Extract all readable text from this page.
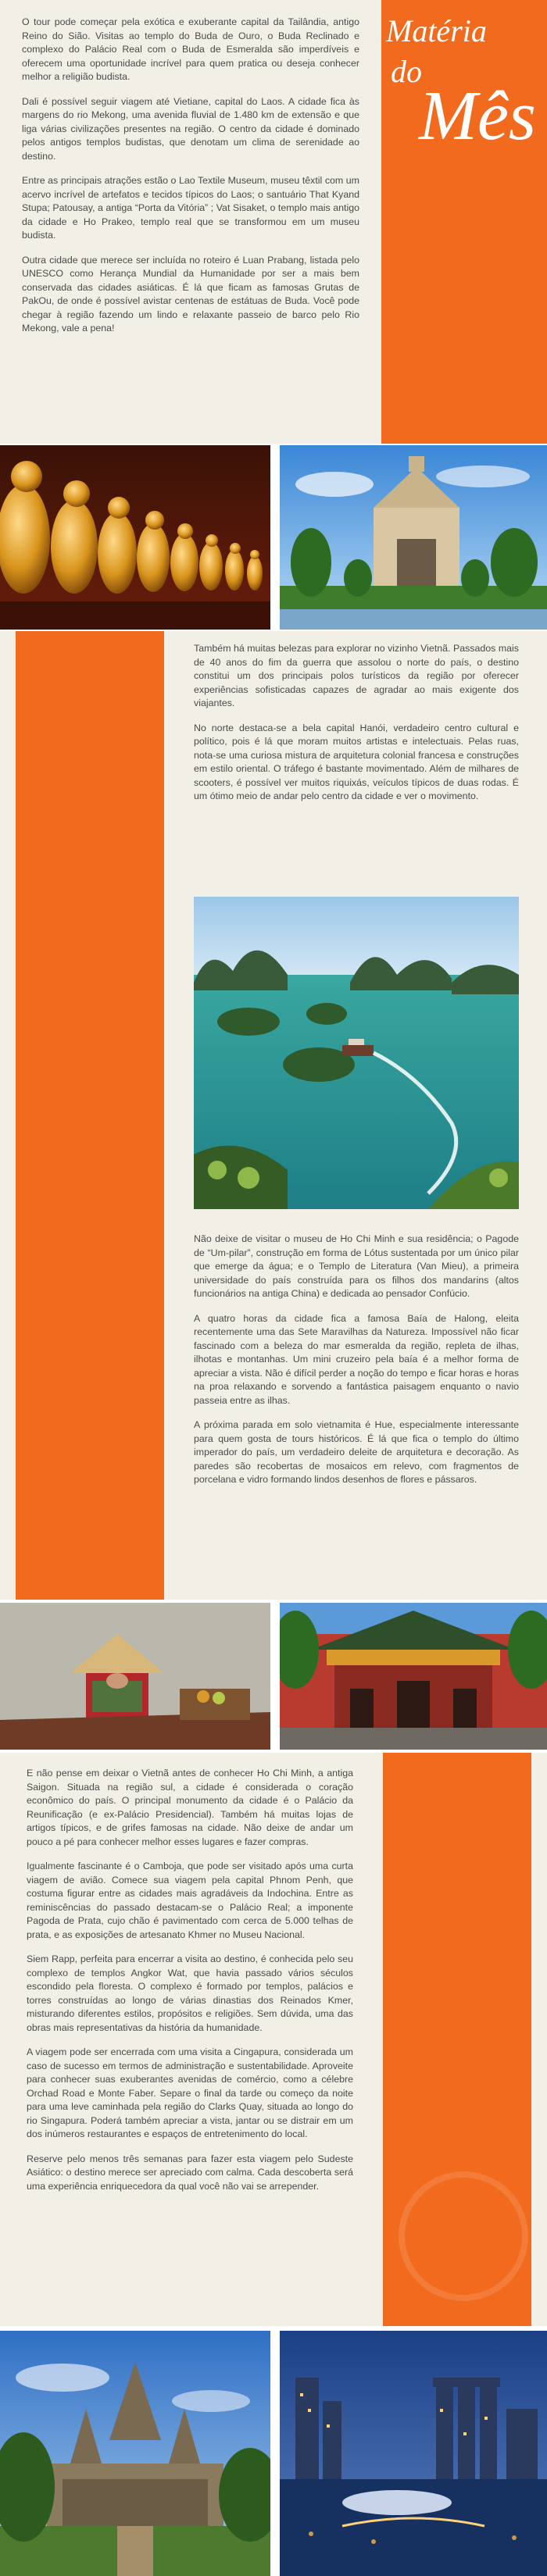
Matéria
do
Mês

O tour pode começar pela exótica e exuberante capital da Tailândia, antigo Reino do Sião. Visitas ao templo do Buda de Ouro, o Buda Reclinado e complexo do Palácio Real com o Buda de Esmeralda são imperdíveis e oferecem uma oportunidade incrível para quem pratica ou deseja conhecer melhor a religião budista.

Dali é possível seguir viagem até Vietiane, capital do Laos. A cidade fica às margens do rio Mekong, uma avenida fluvial de 1.480 km de extensão e que liga várias civilizações presentes na região. O centro da cidade é dominado pelos antigos templos budistas, que denotam um clima de serenidade ao destino.

Entre as principais atrações estão o Lao Textile Museum, museu têxtil com um acervo incrível de artefatos e tecidos típicos do Laos; o santuário That Kyand Stupa; Patousay, a antiga “Porta da Vitória” ; Vat Sisaket, o templo mais antigo da cidade e Ho Prakeo, templo real que se transformou em um museu budista.

Outra cidade que merece ser incluída no roteiro é Luan Prabang, listada pelo UNESCO como Herança Mundial da Humanidade por ser a mais bem conservada das cidades asiáticas. É lá que ficam as famosas Grutas de PakOu, de onde é possível avistar centenas de estátuas de Buda. Você pode chegar à região fazendo um lindo e relaxante passeio de barco pelo Rio Mekong, vale a pena!

Também há muitas belezas para explorar no vizinho Vietnã. Passados mais de 40 anos do fim da guerra que assolou o norte do país, o destino constitui um dos principais polos turísticos da região por oferecer experiências sofisticadas capazes de agradar ao mais exigente dos viajantes.

No norte destaca-se a bela capital Hanói, verdadeiro centro cultural e político, pois é lá que moram muitos artistas e intelectuais. Pelas ruas, nota-se uma curiosa mistura de arquitetura colonial francesa e construções em estilo oriental. O tráfego é bastante movimentado. Além de milhares de scooters, é possível ver muitos riquixás, veículos típicos de duas rodas. É um ótimo meio de andar pelo centro da cidade e ver o movimento.

Não deixe de visitar o museu de Ho Chi Minh e sua residência; o Pagode de “Um-pilar”, construção em forma de Lótus sustentada por um único pilar que emerge da água; e o Templo de Literatura (Van Mieu), a primeira universidade do país construída para os filhos dos mandarins (altos funcionários na antiga China) e dedicada ao pensador Confúcio.

A quatro horas da cidade fica a famosa Baía de Halong, eleita recentemente uma das Sete Maravilhas da Natureza. Impossível não ficar fascinado com a beleza do mar esmeralda da região, repleta de ilhas, ilhotas e montanhas. Um mini cruzeiro pela baía é a melhor forma de apreciar a vista. Não é difícil perder a noção do tempo e ficar horas e horas na proa relaxando e sorvendo a fantástica paisagem enquanto o navio passeia entre as ilhas.

A próxima parada em solo vietnamita é Hue, especialmente interessante para quem gosta de tours históricos. É lá que fica o templo do último imperador do país, um verdadeiro deleite de arquitetura e decoração. As paredes são recobertas de mosaicos em relevo, com fragmentos de porcelana e vidro formando lindos desenhos de flores e pássaros.

E não pense em deixar o Vietnã antes de conhecer Ho Chi Minh, a antiga Saigon. Situada na região sul, a cidade é considerada o coração econômico do país. O principal monumento da cidade é o Palácio da Reunificação (e ex-Palácio Presidencial). Também há muitas lojas de artigos típicos, e de grifes famosas na cidade. Não deixe de andar um pouco a pé para conhecer melhor esses lugares e fazer compras.

Igualmente fascinante é o Camboja, que pode ser visitado após uma curta viagem de avião. Comece sua viagem pela capital Phnom Penh, que costuma figurar entre as cidades mais agradáveis da Indochina. Entre as reminiscências do passado destacam-se o Palácio Real; a imponente Pagoda de Prata, cujo chão é pavimentado com cerca de 5.000 telhas de prata, e as exposições de artesanato Khmer no Museu Nacional.

Siem Rapp, perfeita para encerrar a visita ao destino, é conhecida pelo seu complexo de templos Angkor Wat, que havia passado vários séculos escondido pela floresta. O complexo é formado por templos, palácios e torres construídas ao longo de várias dinastias dos Reinados Kmer, misturando diferentes estilos, propósitos e religiões. Sem dúvida, uma das obras mais representativas da história da humanidade.

A viagem pode ser encerrada com uma visita a Cingapura, considerada um caso de sucesso em termos de administração e sustentabilidade. Aproveite para conhecer suas exuberantes avenidas de comércio, como a célebre Orchad Road e Monte Faber. Separe o final da tarde ou começo da noite para uma leve caminhada pela região do Clarks Quay, situada ao longo do rio Singapura. Poderá também apreciar a vista, jantar ou se distrair em um dos inúmeros restaurantes e espaços de entretenimento do local.

Reserve pelo menos três semanas para fazer esta viagem pelo Sudeste Asiático: o destino merece ser apreciado com calma. Cada descoberta será uma experiência enriquecedora da qual você não vai se arrepender.
